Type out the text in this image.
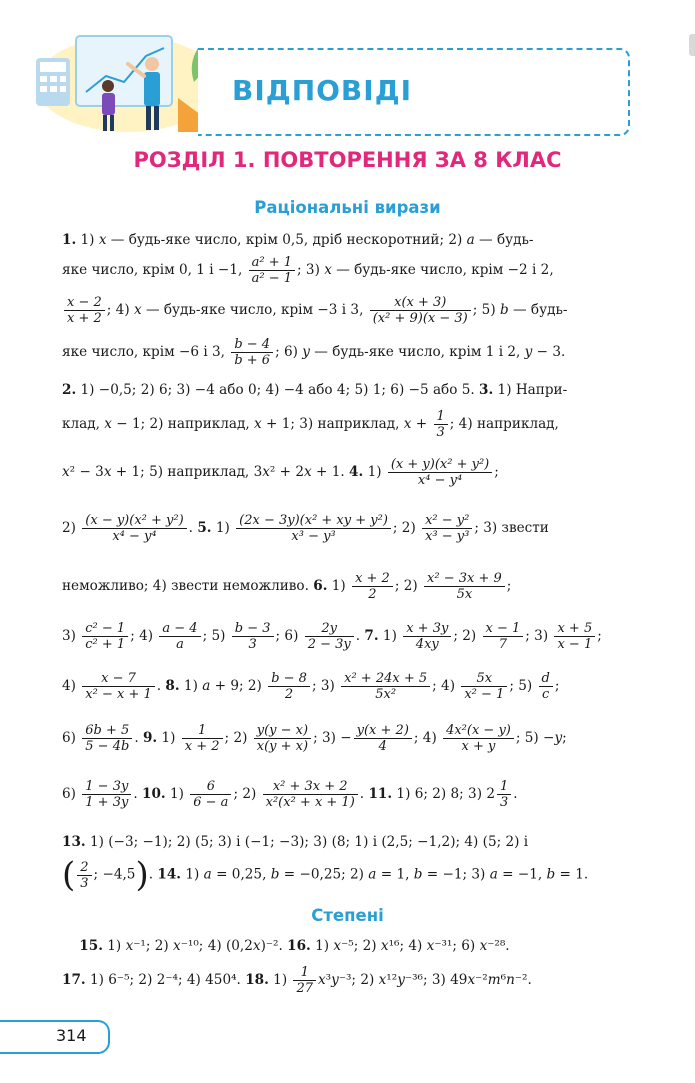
ВІДПОВІДІ
РОЗДІЛ 1. ПОВТОРЕННЯ ЗА 8 КЛАС
Раціональні вирази
1. 1) x — будь-яке число, крім 0,5, дріб нескоротний; 2) a — будь-
яке число, крім 0, 1 і −1, $\frac{\text{a² + 1}}{\text{a² − 1}}$ ; 3) x — будь-яке число, крім −2 і 2,
$\frac{x - 2}{x + 2}$ ; 4) x — будь-яке число, крім −3 і 3, $\frac{x(x + 3)}{\text{(x² + 9)(x − 3)}}$ ; 5) b — будь-
яке число, крім −6 і 3, $\frac{b - 4}{b + 6}$ ; 6) y — будь-яке число, крім 1 і 2, y − 3.
2. 1) −0,5; 2) 6; 3) −4 або 0; 4) −4 або 4; 5) 1; 6) −5 або 5. 3. 1) Напри-
клад, x − 1; 2) наприклад, x + 1; 3) наприклад, $x + \frac{1}{3}$ ; 4) наприклад,
x² − 3x + 1; 5) наприклад, 3x² + 2x + 1. 4. $1) \frac{\text{(x + y)(x² + y²)}}{\text{x⁴ − y⁴}}$ ;
$2) \frac{\text{(x − y)(x² + y²)}}{\text{x⁴ − y⁴}}$ . 5. $1) \frac{\text{(2x − 3y)(x² + xy + y²)}}{\text{x³ − y³}}$ ; $2) \frac{\text{x² − y²}}{\text{x³ − y³}}$ ; 3) звести
неможливо; 4) звести неможливо. 6. $1) \frac{x + 2}{2}$ ; $2) \frac{\text{x² − 3x + 9}}{5x}$ ;
$3) \frac{\text{c² − 1}}{\text{c² + 1}}$ ; $4) \frac{a - 4}{a}$ ; $5) \frac{b - 3}{3}$ ; $6) \frac{2y}{2 - 3y}$ . 7. $1) \frac{x + 3y}{4xy}$ ; $2) \frac{x - 1}{7}$ ; $3) \frac{x + 5}{x - 1}$ ;
$4) \frac{x - 7}{\text{x² − x + 1}}$ . 8. 1) a + 9; $2) \frac{b - 8}{2}$ ; $3) \frac{\text{x² + 24x + 5}}{\text{5x²}}$ ; $4) \frac{5x}{\text{x² − 1}}$ ; $5) \frac{d}{c}$ ;
$6) \frac{6b + 5}{5 - 4b}$ . 9. $1) \frac{1}{x + 2}$ ; $2) \frac{y(y - x)}{x(y + x)}$ ; $3) - \frac{y(x + 2)}{4}$ ; $4) \frac{\text{4x²(x − y)}}{x + y}$ ; 5) −y;
$6) \frac{1 - 3y}{1 + 3y}$ . 10. $1) \frac{6}{6 - a}$ ; $2) \frac{\text{x² + 3x + 2}}{\text{x²(x² + x + 1)}}$ . 11. 1) 6; 2) 8; 3) $2 \frac{1}{3}$ .
13. 1) (−3; −1); 2) (5; 3) і (−1; −3); 3) (8; 1) і (2,5; −1,2); 4) (5; 2) і
( $\frac{2}{3}$ ; −4,5). 14. 1) a = 0,25, b = −0,25; 2) a = 1, b = −1; 3) a = −1, b = 1.
Степені
15. 1) x⁻¹; 2) x⁻¹⁰; 4) (0,2x)⁻². 16. 1) x⁻⁵; 2) x¹⁶; 4) x⁻³¹; 6) x⁻²⁸.
17. 1) 6⁻⁵; 2) 2⁻⁴; 4) 450⁴. 18. $1) \frac{1}{27} x^3y^{-3}$; 2) x¹²y⁻³⁶; 3) 49x⁻²m⁶n⁻².
314
